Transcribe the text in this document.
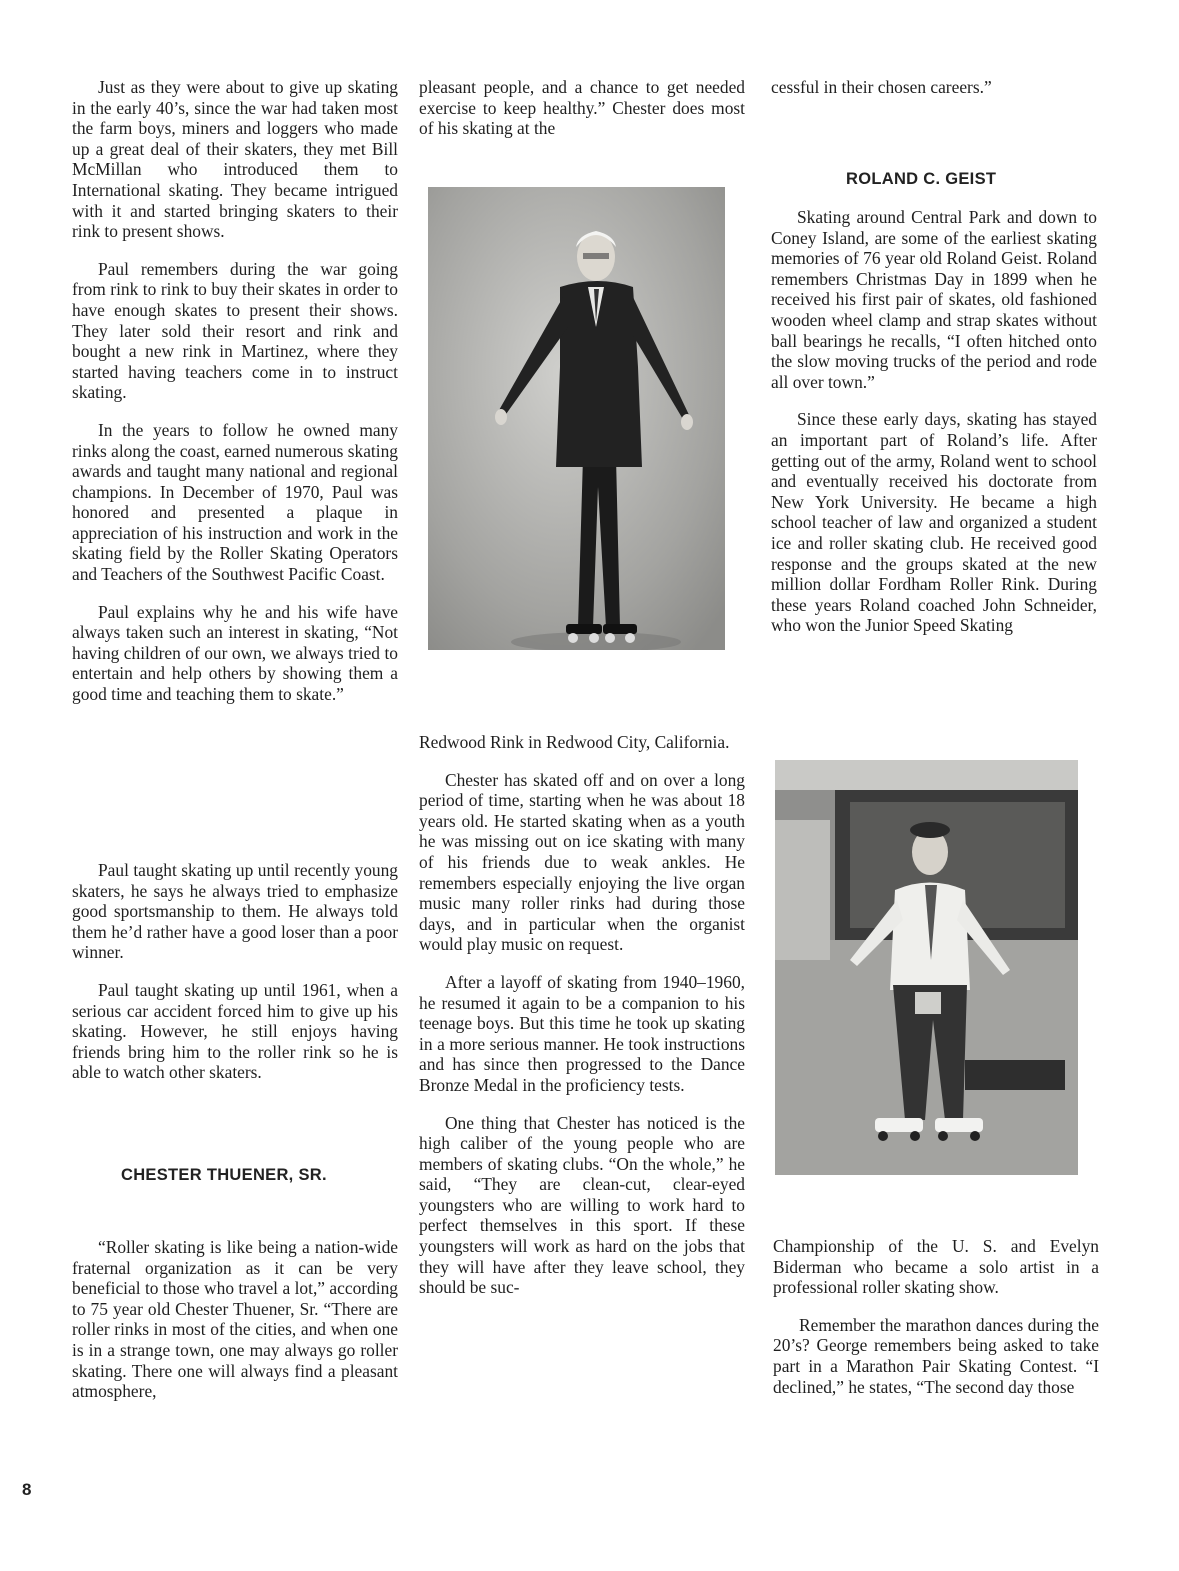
Just as they were about to give up skating in the early 40’s, since the war had taken most the farm boys, miners and loggers who made up a great deal of their skaters, they met Bill McMillan who introduced them to International skating. They became intrigued with it and started bringing skaters to their rink to present shows.

Paul remembers during the war going from rink to rink to buy their skates in order to have enough skates to present their shows. They later sold their resort and rink and bought a new rink in Martinez, where they started having teachers come in to instruct skating.

In the years to follow he owned many rinks along the coast, earned numerous skating awards and taught many national and regional champions. In December of 1970, Paul was honored and presented a plaque in appreciation of his instruction and work in the skating field by the Roller Skating Operators and Teachers of the Southwest Pacific Coast.

Paul explains why he and his wife have always taken such an interest in skating, “Not having children of our own, we always tried to entertain and help others by showing them a good time and teaching them to skate.”

Paul taught skating up until recently young skaters, he says he always tried to emphasize good sportsmanship to them. He always told them he’d rather have a good loser than a poor winner.

Paul taught skating up until 1961, when a serious car accident forced him to give up his skating. However, he still enjoys having friends bring him to the roller rink so he is able to watch other skaters.

CHESTER THUENER, SR.

“Roller skating is like being a nation-wide fraternal organization as it can be very beneficial to those who travel a lot,” according to 75 year old Chester Thuener, Sr. “There are roller rinks in most of the cities, and when one is in a strange town, one may always go roller skating. There one will always find a pleasant atmosphere,

pleasant people, and a chance to get needed exercise to keep healthy.” Chester does most of his skating at the

Redwood Rink in Redwood City, California.

Chester has skated off and on over a long period of time, starting when he was about 18 years old. He started skating when as a youth he was missing out on ice skating with many of his friends due to weak ankles. He remembers especially enjoying the live organ music many roller rinks had during those days, and in particular when the organist would play music on request.

After a layoff of skating from 1940–1960, he resumed it again to be a companion to his teenage boys. But this time he took up skating in a more serious manner. He took instructions and has since then progressed to the Dance Bronze Medal in the proficiency tests.

One thing that Chester has noticed is the high caliber of the young people who are members of skating clubs. “On the whole,” he said, “They are clean-cut, clear-eyed youngsters who are willing to work hard to perfect themselves in this sport. If these youngsters will work as hard on the jobs that they will have after they leave school, they should be suc-

cessful in their chosen careers.”

ROLAND C. GEIST

Skating around Central Park and down to Coney Island, are some of the earliest skating memories of 76 year old Roland Geist. Roland remembers Christmas Day in 1899 when he received his first pair of skates, old fashioned wooden wheel clamp and strap skates without ball bearings he recalls, “I often hitched onto the slow moving trucks of the period and rode all over town.”

Since these early days, skating has stayed an important part of Roland’s life. After getting out of the army, Roland went to school and eventually received his doctorate from New York University. He became a high school teacher of law and organized a student ice and roller skating club. He received good response and the groups skated at the new million dollar Fordham Roller Rink. During these years Roland coached John Schneider, who won the Junior Speed Skating

Championship of the U. S. and Evelyn Biderman who became a solo artist in a professional roller skating show.

Remember the marathon dances during the 20’s? George remembers being asked to take part in a Marathon Pair Skating Contest. “I declined,” he states, “The second day those

8
